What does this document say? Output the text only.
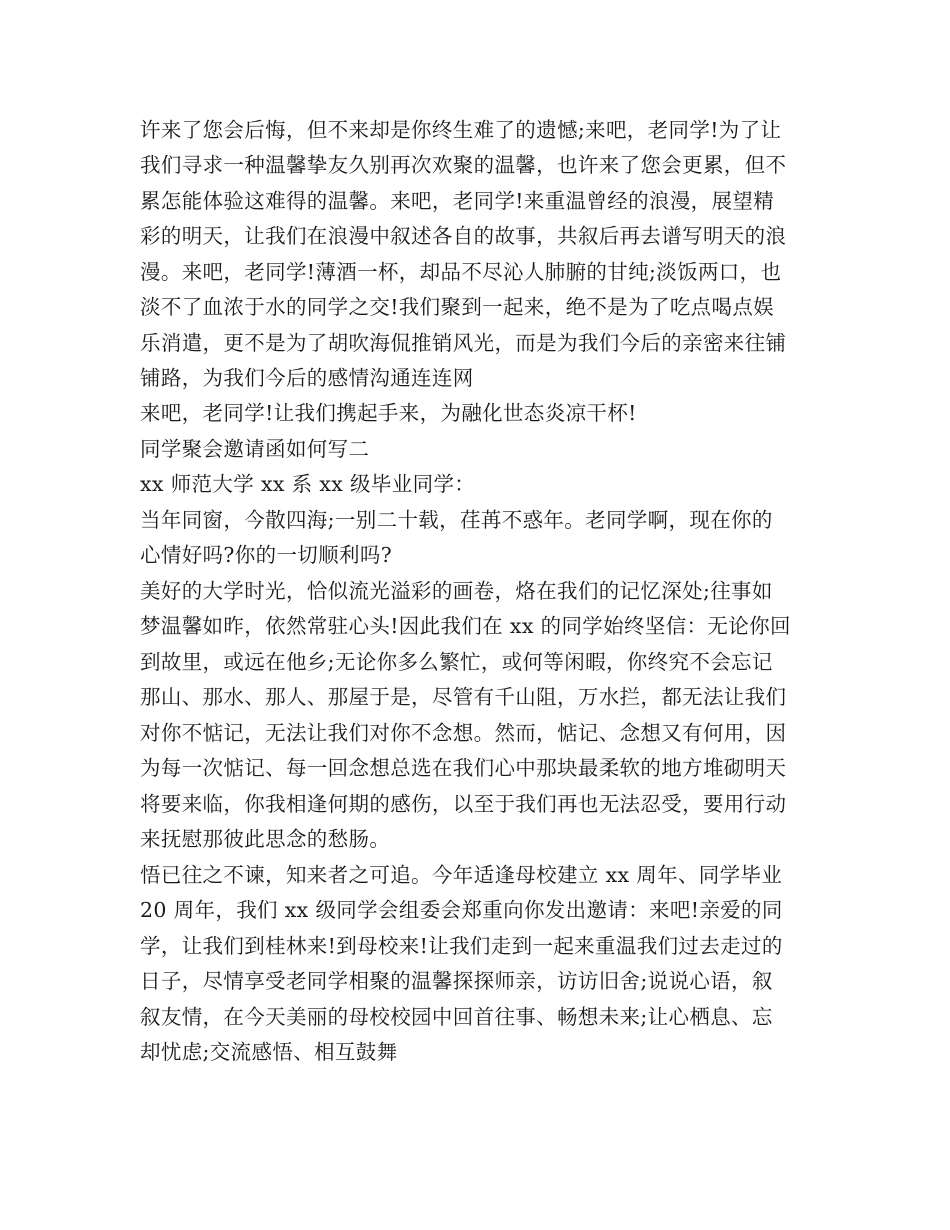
许来了您会后悔，但不来却是你终生难了的遗憾;来吧，老同学!为了让
我们寻求一种温馨挚友久别再次欢聚的温馨，也许来了您会更累，但不
累怎能体验这难得的温馨。来吧，老同学!来重温曾经的浪漫，展望精
彩的明天，让我们在浪漫中叙述各自的故事，共叙后再去谱写明天的浪
漫。来吧，老同学!薄酒一杯，却品不尽沁人肺腑的甘纯;淡饭两口，也
淡不了血浓于水的同学之交!我们聚到一起来，绝不是为了吃点喝点娱
乐消遣，更不是为了胡吹海侃推销风光，而是为我们今后的亲密来往铺
铺路，为我们今后的感情沟通连连网
来吧，老同学!让我们携起手来，为融化世态炎凉干杯!
同学聚会邀请函如何写二
xx 师范大学 xx 系 xx 级毕业同学：
当年同窗，今散四海;一别二十载，荏苒不惑年。老同学啊，现在你的
心情好吗?你的一切顺利吗?
美好的大学时光，恰似流光溢彩的画卷，烙在我们的记忆深处;往事如
梦温馨如昨，依然常驻心头!因此我们在 xx 的同学始终坚信：无论你回
到故里，或远在他乡;无论你多么繁忙，或何等闲暇，你终究不会忘记
那山、那水、那人、那屋于是，尽管有千山阻，万水拦，都无法让我们
对你不惦记，无法让我们对你不念想。然而，惦记、念想又有何用，因
为每一次惦记、每一回念想总选在我们心中那块最柔软的地方堆砌明天
将要来临，你我相逢何期的感伤，以至于我们再也无法忍受，要用行动
来抚慰那彼此思念的愁肠。
悟已往之不谏，知来者之可追。今年适逢母校建立 xx 周年、同学毕业
20 周年，我们 xx 级同学会组委会郑重向你发出邀请：来吧!亲爱的同
学，让我们到桂林来!到母校来!让我们走到一起来重温我们过去走过的
日子，尽情享受老同学相聚的温馨探探师亲，访访旧舍;说说心语，叙
叙友情，在今天美丽的母校校园中回首往事、畅想未来;让心栖息、忘
却忧虑;交流感悟、相互鼓舞
